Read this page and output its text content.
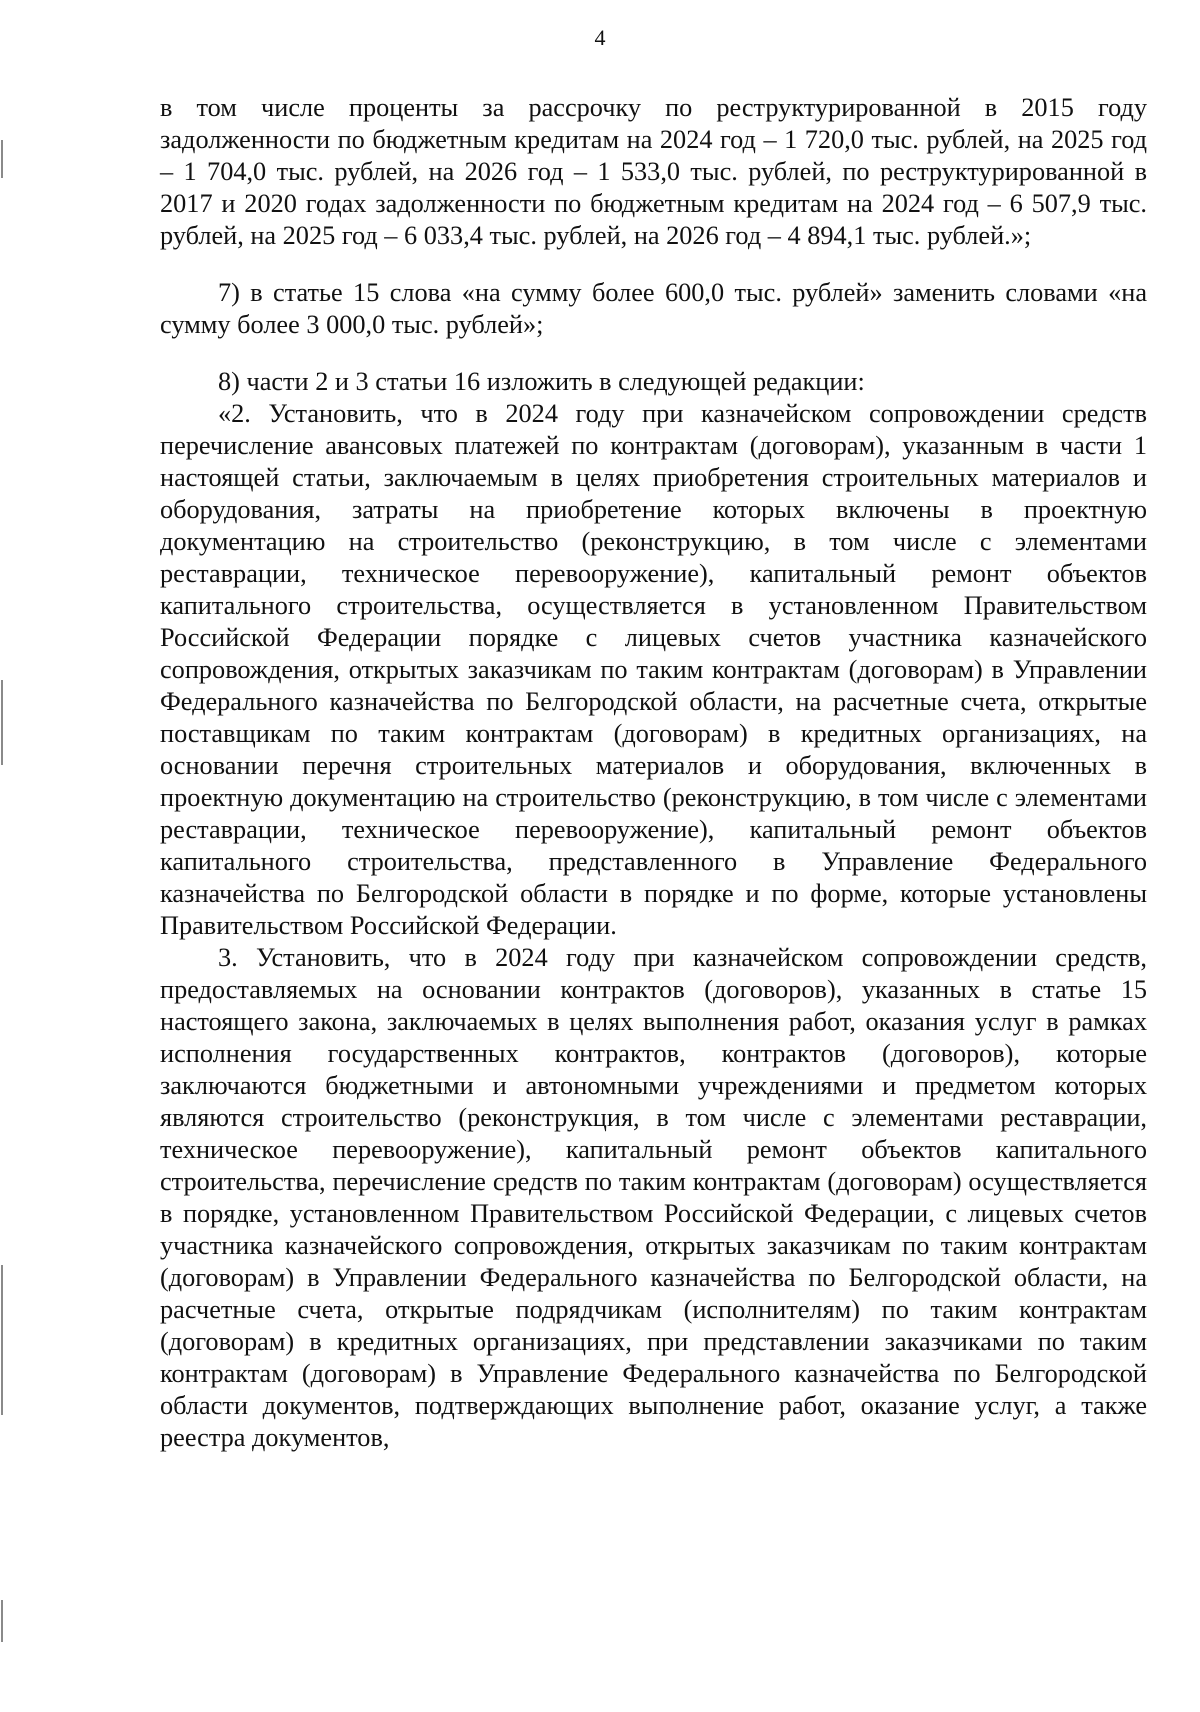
4

в том числе проценты за рассрочку по реструктурированной в 2015 году задолженности по бюджетным кредитам на 2024 год – 1 720,0 тыс. рублей, на 2025 год – 1 704,0 тыс. рублей, на 2026 год – 1 533,0 тыс. рублей, по реструктурированной в 2017 и 2020 годах задолженности по бюджетным кредитам на 2024 год – 6 507,9 тыс. рублей, на 2025 год – 6 033,4 тыс. рублей, на 2026 год – 4 894,1 тыс. рублей.»;

7) в статье 15 слова «на сумму более 600,0 тыс. рублей» заменить словами «на сумму более 3 000,0 тыс. рублей»;

8) части 2 и 3 статьи 16 изложить в следующей редакции:

«2. Установить, что в 2024 году при казначейском сопровождении средств перечисление авансовых платежей по контрактам (договорам), указанным в части 1 настоящей статьи, заключаемым в целях приобретения строительных материалов и оборудования, затраты на приобретение которых включены в проектную документацию на строительство (реконструкцию, в том числе с элементами реставрации, техническое перевооружение), капитальный ремонт объектов капитального строительства, осуществляется в установленном Правительством Российской Федерации порядке с лицевых счетов участника казначейского сопровождения, открытых заказчикам по таким контрактам (договорам) в Управлении Федерального казначейства по Белгородской области, на расчетные счета, открытые поставщикам по таким контрактам (договорам) в кредитных организациях, на основании перечня строительных материалов и оборудования, включенных в проектную документацию на строительство (реконструкцию, в том числе с элементами реставрации, техническое перевооружение), капитальный ремонт объектов капитального строительства, представленного в Управление Федерального казначейства по Белгородской области в порядке и по форме, которые установлены Правительством Российской Федерации.

3. Установить, что в 2024 году при казначейском сопровождении средств, предоставляемых на основании контрактов (договоров), указанных в статье 15 настоящего закона, заключаемых в целях выполнения работ, оказания услуг в рамках исполнения государственных контрактов, контрактов (договоров), которые заключаются бюджетными и автономными учреждениями и предметом которых являются строительство (реконструкция, в том числе с элементами реставрации, техническое перевооружение), капитальный ремонт объектов капитального строительства, перечисление средств по таким контрактам (договорам) осуществляется в порядке, установленном Правительством Российской Федерации, с лицевых счетов участника казначейского сопровождения, открытых заказчикам по таким контрактам (договорам) в Управлении Федерального казначейства по Белгородской области, на расчетные счета, открытые подрядчикам (исполнителям) по таким контрактам (договорам) в кредитных организациях, при представлении заказчиками по таким контрактам (договорам) в Управление Федерального казначейства по Белгородской области документов, подтверждающих выполнение работ, оказание услуг, а также реестра документов,
